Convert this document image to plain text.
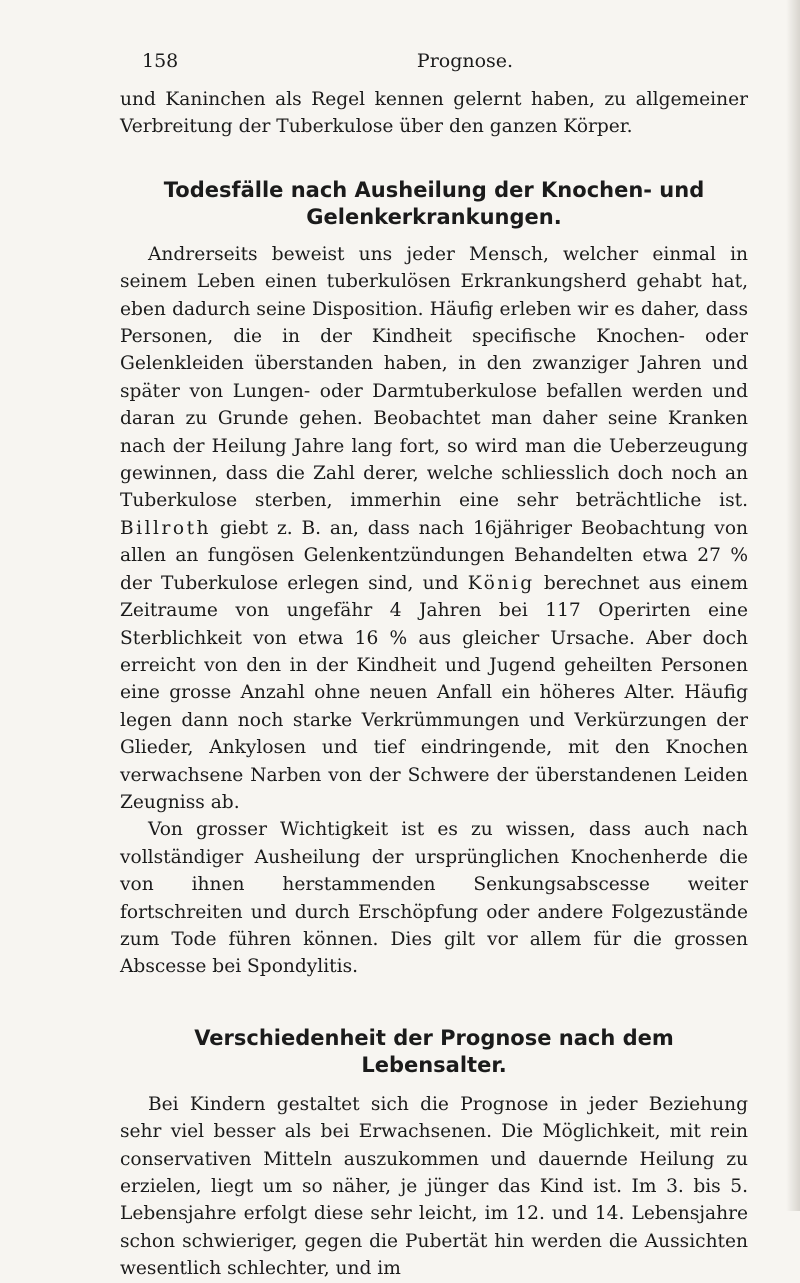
158	Prognose.

und Kaninchen als Regel kennen gelernt haben, zu allgemeiner Verbreitung der Tuberkulose über den ganzen Körper.

Todesfälle nach Ausheilung der Knochen- und Gelenkerkrankungen.

Andrerseits beweist uns jeder Mensch, welcher einmal in seinem Leben einen tuberkulösen Erkrankungsherd gehabt hat, eben dadurch seine Disposition. Häufig erleben wir es daher, dass Personen, die in der Kindheit specifische Knochen- oder Gelenkleiden überstanden haben, in den zwanziger Jahren und später von Lungen- oder Darmtuberkulose befallen werden und daran zu Grunde gehen. Beobachtet man daher seine Kranken nach der Heilung Jahre lang fort, so wird man die Ueberzeugung gewinnen, dass die Zahl derer, welche schliesslich doch noch an Tuberkulose sterben, immerhin eine sehr beträchtliche ist. Billroth giebt z. B. an, dass nach 16jähriger Beobachtung von allen an fungösen Gelenkentzündungen Behandelten etwa 27 % der Tuberkulose erlegen sind, und König berechnet aus einem Zeitraume von ungefähr 4 Jahren bei 117 Operirten eine Sterblichkeit von etwa 16 % aus gleicher Ursache. Aber doch erreicht von den in der Kindheit und Jugend geheilten Personen eine grosse Anzahl ohne neuen Anfall ein höheres Alter. Häufig legen dann noch starke Verkrümmungen und Verkürzungen der Glieder, Ankylosen und tief eindringende, mit den Knochen verwachsene Narben von der Schwere der überstandenen Leiden Zeugniss ab.

Von grosser Wichtigkeit ist es zu wissen, dass auch nach vollständiger Ausheilung der ursprünglichen Knochenherde die von ihnen herstammenden Senkungsabscesse weiter fortschreiten und durch Erschöpfung oder andere Folgezustände zum Tode führen können. Dies gilt vor allem für die grossen Abscesse bei Spondylitis.

Verschiedenheit der Prognose nach dem Lebensalter.

Bei Kindern gestaltet sich die Prognose in jeder Beziehung sehr viel besser als bei Erwachsenen. Die Möglichkeit, mit rein conservativen Mitteln auszukommen und dauernde Heilung zu erzielen, liegt um so näher, je jünger das Kind ist. Im 3. bis 5. Lebensjahre erfolgt diese sehr leicht, im 12. und 14. Lebensjahre schon schwieriger, gegen die Pubertät hin werden die Aussichten wesentlich schlechter, und im
